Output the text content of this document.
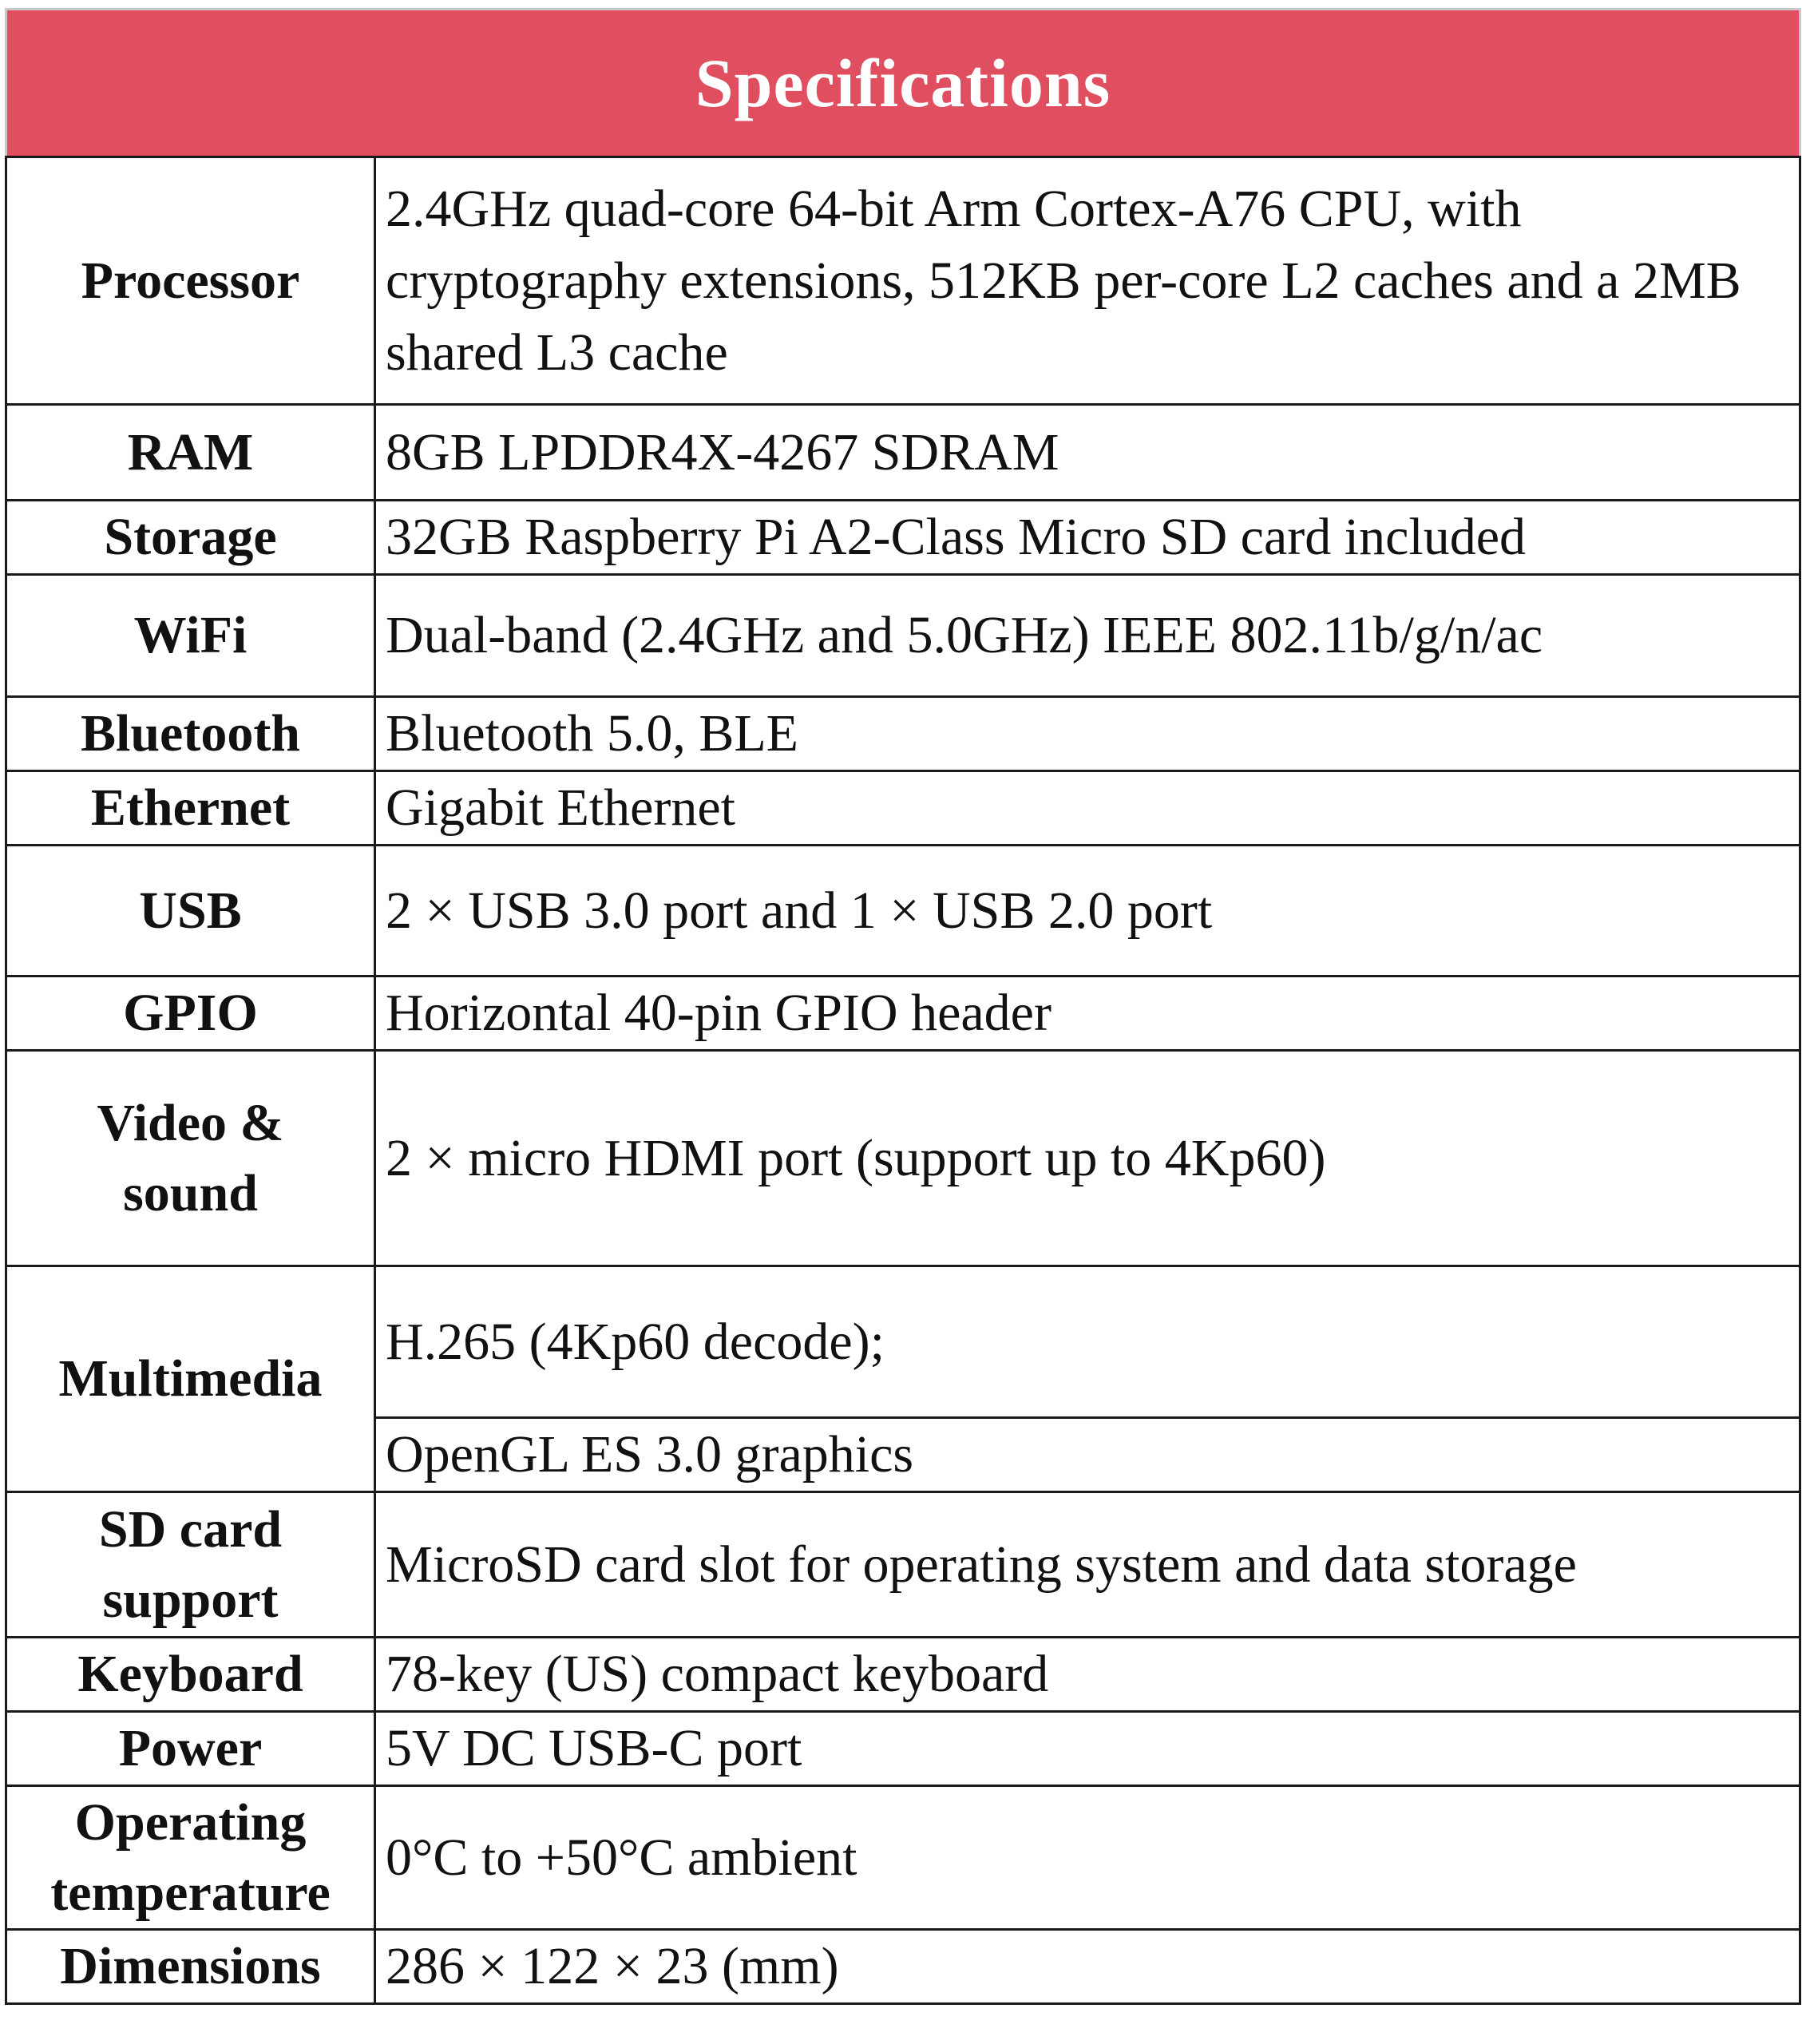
Specifications
Processor	2.4GHz quad-core 64-bit Arm Cortex-A76 CPU, with cryptography extensions, 512KB per-core L2 caches and a 2MB shared L3 cache
RAM	8GB LPDDR4X-4267 SDRAM
Storage	32GB Raspberry Pi A2-Class Micro SD card included
WiFi	Dual-band (2.4GHz and 5.0GHz) IEEE 802.11b/g/n/ac
Bluetooth	Bluetooth 5.0, BLE
Ethernet	Gigabit Ethernet
USB	2 × USB 3.0 port and 1 × USB 2.0 port
GPIO	Horizontal 40-pin GPIO header
Video & sound	2 × micro HDMI port (support up to 4Kp60)
Multimedia	H.265 (4Kp60 decode);
	OpenGL ES 3.0 graphics
SD card support	MicroSD card slot for operating system and data storage
Keyboard	78-key (US) compact keyboard
Power	5V DC USB-C port
Operating temperature	0°C to +50°C ambient
Dimensions	286 × 122 × 23 (mm)
